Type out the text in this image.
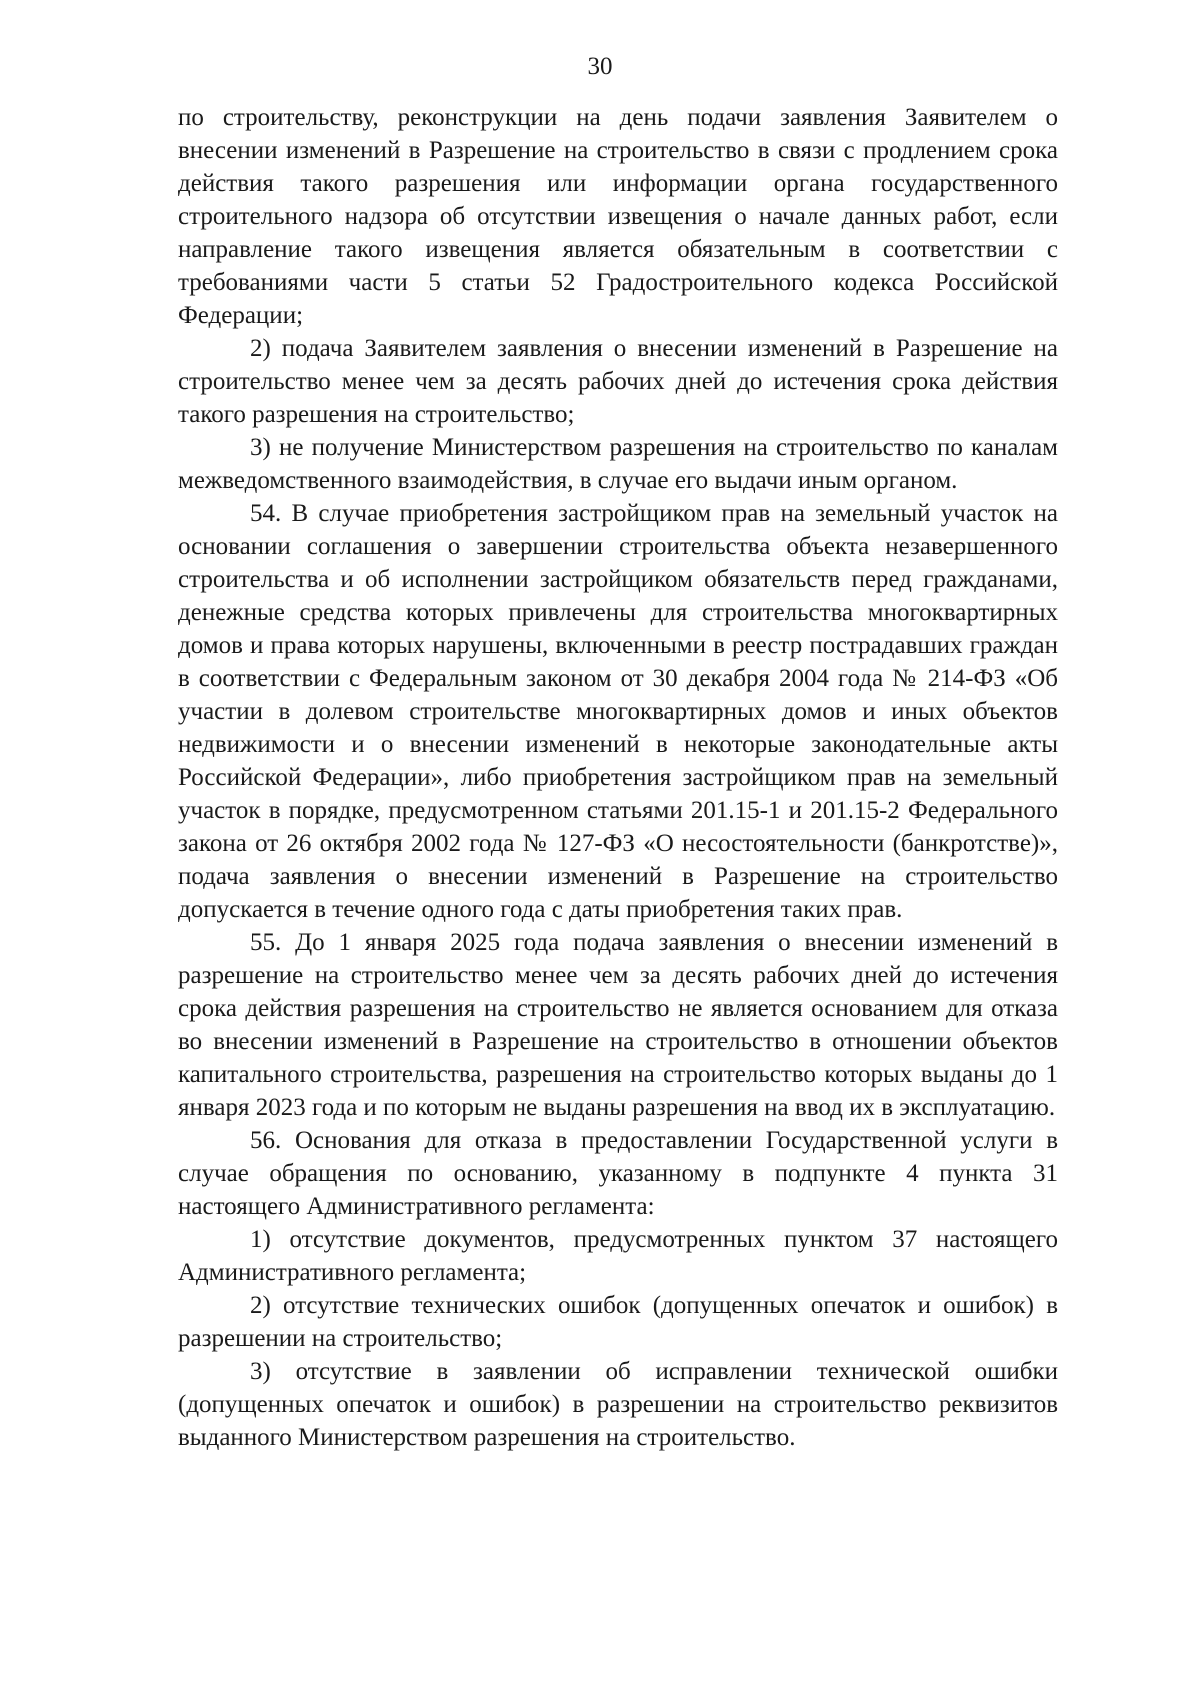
30

по строительству, реконструкции на день подачи заявления Заявителем о внесении изменений в Разрешение на строительство в связи с продлением срока действия такого разрешения или информации органа государственного строительного надзора об отсутствии извещения о начале данных работ, если направление такого извещения является обязательным в соответствии с требованиями части 5 статьи 52 Градостроительного кодекса Российской Федерации;

2) подача Заявителем заявления о внесении изменений в Разрешение на строительство менее чем за десять рабочих дней до истечения срока действия такого разрешения на строительство;

3) не получение Министерством разрешения на строительство по каналам межведомственного взаимодействия, в случае его выдачи иным органом.

54. В случае приобретения застройщиком прав на земельный участок на основании соглашения о завершении строительства объекта незавершенного строительства и об исполнении застройщиком обязательств перед гражданами, денежные средства которых привлечены для строительства многоквартирных домов и права которых нарушены, включенными в реестр пострадавших граждан в соответствии с Федеральным законом от 30 декабря 2004 года № 214-ФЗ «Об участии в долевом строительстве многоквартирных домов и иных объектов недвижимости и о внесении изменений в некоторые законодательные акты Российской Федерации», либо приобретения застройщиком прав на земельный участок в порядке, предусмотренном статьями 201.15-1 и 201.15-2 Федерального закона от 26 октября 2002 года № 127-ФЗ «О несостоятельности (банкротстве)», подача заявления о внесении изменений в Разрешение на строительство допускается в течение одного года с даты приобретения таких прав.

55. До 1 января 2025 года подача заявления о внесении изменений в разрешение на строительство менее чем за десять рабочих дней до истечения срока действия разрешения на строительство не является основанием для отказа во внесении изменений в Разрешение на строительство в отношении объектов капитального строительства, разрешения на строительство которых выданы до 1 января 2023 года и по которым не выданы разрешения на ввод их в эксплуатацию.

56. Основания для отказа в предоставлении Государственной услуги в случае обращения по основанию, указанному в подпункте 4 пункта 31 настоящего Административного регламента:

1) отсутствие документов, предусмотренных пунктом 37 настоящего Административного регламента;

2) отсутствие технических ошибок (допущенных опечаток и ошибок) в разрешении на строительство;

3) отсутствие в заявлении об исправлении технической ошибки (допущенных опечаток и ошибок) в разрешении на строительство реквизитов выданного Министерством разрешения на строительство.
